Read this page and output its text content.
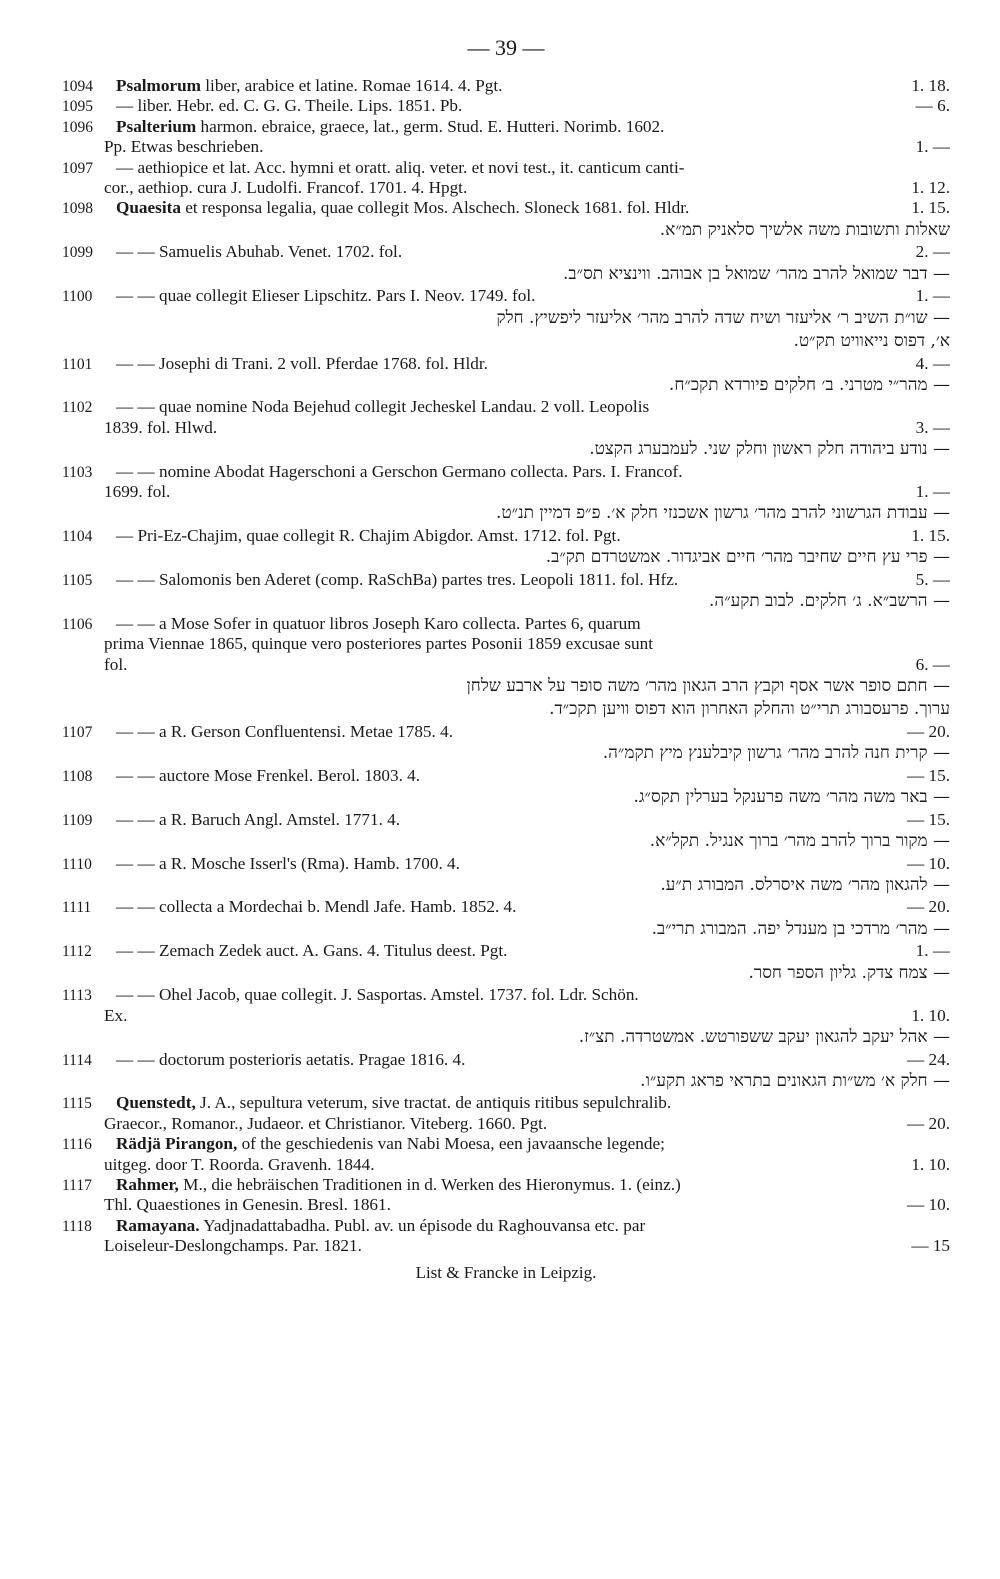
— 39 —
1094 Psalmorum liber, arabice et latine. Romae 1614. 4. Pgt.	1. 18.
1095 — liber. Hebr. ed. C. G. G. Theile. Lips. 1851. Pb.	— 6.
1096 Psalterium harmon. ebraice, graece, lat., germ. Stud. E. Hutteri. Norimb. 1602.
Pp. Etwas beschrieben.	1. —
1097 — aethiopice et lat. Acc. hymni et oratt. aliq. veter. et novi test., it. canticum canti-
cor., aethiop. cura J. Ludolfi. Francof. 1701. 4. Hpgt.	1. 12.
1098 Quaesita et responsa legalia, quae collegit Mos. Alschech. Sloneck 1681. fol. Hldr.	1. 15.
שאלות ותשובות משה אלשיך סלאניק תמ״א.
1099 — — Samuelis Abuhab. Venet. 1702. fol.	2. —
— דבר שמואל להרב מהר׳ שמואל בן אבוהב. ווינציא תס״ב.
1100 — — quae collegit Elieser Lipschitz. Pars I. Neov. 1749. fol.	1. —
— שו״ת השיב ר׳ אליעזר ושיח שדה להרב מהר׳ אליעזר ליפשיץ. חלק
א׳, דפוס נייאוויט תק״ט.
1101 — — Josephi di Trani. 2 voll. Pferdae 1768. fol. Hldr.	4. —
— מהר״י מטרני. ב׳ חלקים פיורדא תקכ״ח.
1102 — — quae nomine Noda Bejehud collegit Jecheskel Landau. 2 voll. Leopolis
1839. fol. Hlwd.	3. —
— נודע ביהודה חלק ראשון וחלק שני. לעמבערג הקצט.
1103 — — nomine Abodat Hagerschoni a Gerschon Germano collecta. Pars. I. Francof.
1699. fol.	1. —
— עבודת הגרשוני להרב מהר׳ גרשון אשכנזי חלק א׳. פ״פ דמיין תנ״ט.
1104 — Pri-Ez-Chajim, quae collegit R. Chajim Abigdor. Amst. 1712. fol. Pgt.	1. 15.
— פרי עץ חיים שחיבר מהר׳ חיים אביגדור. אמשטרדם תק״ב.
1105 — — Salomonis ben Aderet (comp. RaSchBa) partes tres. Leopoli 1811. fol. Hfz.	5. —
— הרשב״א. ג׳ חלקים. לבוב תקע״ה.
1106 — — a Mose Sofer in quatuor libros Joseph Karo collecta. Partes 6, quarum
prima Viennae 1865, quinque vero posteriores partes Posonii 1859 excusae sunt
fol.	6. —
— חתם סופר אשר אסף וקבץ הרב הגאון מהר׳ משה סופר על ארבע שלחן
ערוך. פרעסבורג תרי״ט והחלק האחרון הוא דפוס וויען תקכ״ד.
1107 — — a R. Gerson Confluentensi. Metae 1785. 4.	— 20.
— קרית חנה להרב מהר׳ גרשון קיבלענץ מיץ תקמ״ה.
1108 — — auctore Mose Frenkel. Berol. 1803. 4.	— 15.
— באר משה מהר׳ משה פרענקל בערלין תקס״ג.
1109 — — a R. Baruch Angl. Amstel. 1771. 4.	— 15.
— מקור ברוך להרב מהר׳ ברוך אנגיל. תקל״א.
1110 — — a R. Mosche Isserl's (Rma). Hamb. 1700. 4.	— 10.
— להגאון מהר׳ משה איסרלס. המבורג ת״ע.
1111 — — collecta a Mordechai b. Mendl Jafe. Hamb. 1852. 4.	— 20.
— מהר׳ מרדכי בן מענדל יפה. המבורג תרי״ב.
1112 — — Zemach Zedek auct. A. Gans. 4. Titulus deest. Pgt.	1. —
— צמח צדק. גליון הספר חסר.
1113 — — Ohel Jacob, quae collegit. J. Sasportas. Amstel. 1737. fol. Ldr. Schön.
Ex.	1. 10.
— אהל יעקב להגאון יעקב ששפורטש. אמשטרדה. תצ״ז.
1114 — — doctorum posterioris aetatis. Pragae 1816. 4.	— 24.
— חלק א׳ מש״ות הגאונים בתראי פראג תקע״ו.
1115 Quenstedt, J. A., sepultura veterum, sive tractat. de antiquis ritibus sepulchralib.
Graecor., Romanor., Judaeor. et Christianor. Viteberg. 1660. Pgt.	— 20.
1116 Rädjä Pirangon, of the geschiedenis van Nabi Moesa, een javaansche legende;
uitgeg. door T. Roorda. Gravenh. 1844.	1. 10.
1117 Rahmer, M., die hebräischen Traditionen in d. Werken des Hieronymus. 1. (einz.)
Thl. Quaestiones in Genesin. Bresl. 1861.	— 10.
1118 Ramayana. Yadjnadattabadha. Publ. av. un épisode du Raghouvansa etc. par
Loiseleur-Deslongchamps. Par. 1821.	— 15
List & Francke in Leipzig.
